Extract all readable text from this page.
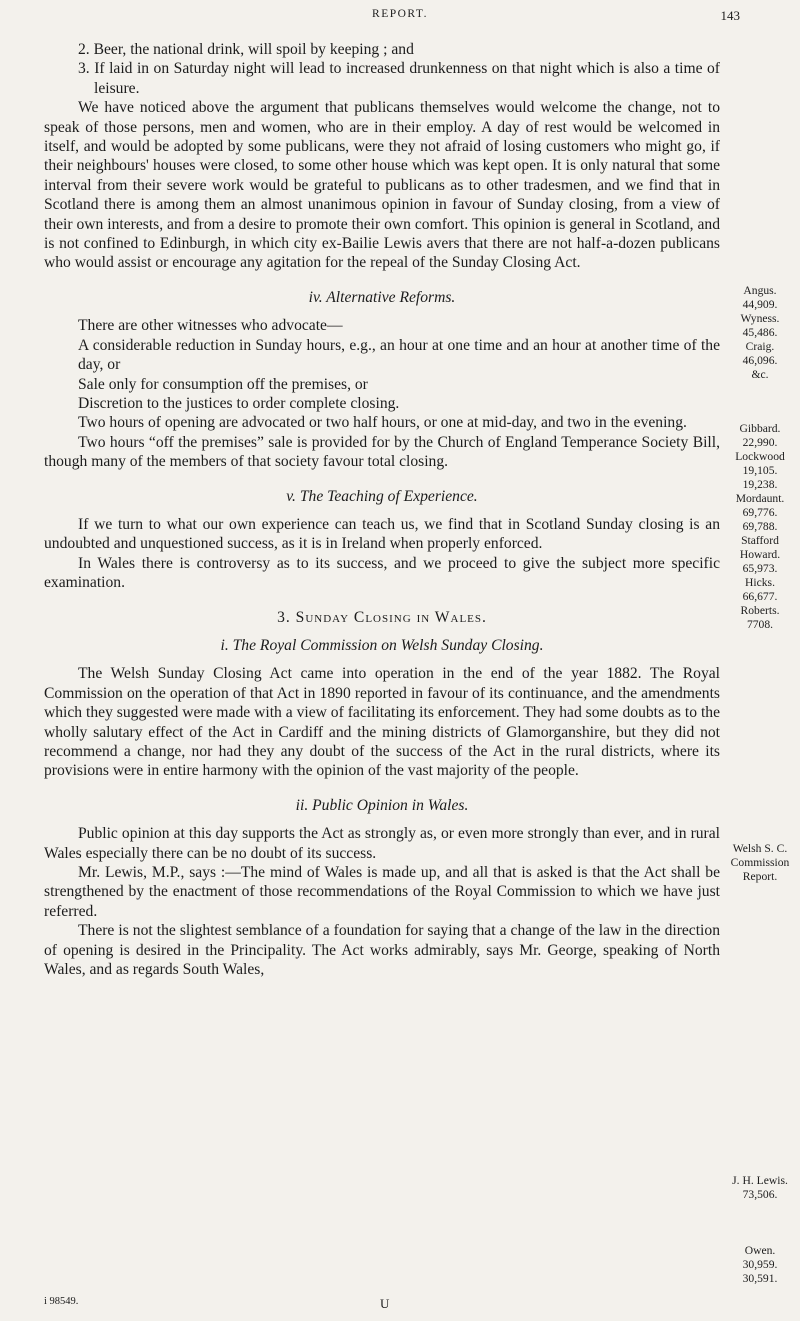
REPORT.	143

2. Beer, the national drink, will spoil by keeping ; and

3. If laid in on Saturday night will lead to increased drunkenness on that night which is also a time of leisure.

We have noticed above the argument that publicans themselves would welcome the change, not to speak of those persons, men and women, who are in their employ. A day of rest would be welcomed in itself, and would be adopted by some publicans, were they not afraid of losing customers who might go, if their neighbours' houses were closed, to some other house which was kept open. It is only natural that some interval from their severe work would be grateful to publicans as to other tradesmen, and we find that in Scotland there is among them an almost unanimous opinion in favour of Sunday closing, from a view of their own interests, and from a desire to promote their own comfort. This opinion is general in Scotland, and is not confined to Edinburgh, in which city ex-Bailie Lewis avers that there are not half-a-dozen publicans who would assist or encourage any agitation for the repeal of the Sunday Closing Act.

iv. Alternative Reforms.

There are other witnesses who advocate—

A considerable reduction in Sunday hours, e.g., an hour at one time and an hour at another time of the day, or

Sale only for consumption off the premises, or

Discretion to the justices to order complete closing.

Two hours of opening are advocated or two half hours, or one at mid-day, and two in the evening.

Two hours “off the premises” sale is provided for by the Church of England Temperance Society Bill, though many of the members of that society favour total closing.

v. The Teaching of Experience.

If we turn to what our own experience can teach us, we find that in Scotland Sunday closing is an undoubted and unquestioned success, as it is in Ireland when properly enforced.

In Wales there is controversy as to its success, and we proceed to give the subject more specific examination.

3. Sunday Closing in Wales.

i. The Royal Commission on Welsh Sunday Closing.

The Welsh Sunday Closing Act came into operation in the end of the year 1882. The Royal Commission on the operation of that Act in 1890 reported in favour of its continuance, and the amendments which they suggested were made with a view of facilitating its enforcement. They had some doubts as to the wholly salutary effect of the Act in Cardiff and the mining districts of Glamorganshire, but they did not recommend a change, nor had they any doubt of the success of the Act in the rural districts, where its provisions were in entire harmony with the opinion of the vast majority of the people.

ii. Public Opinion in Wales.

Public opinion at this day supports the Act as strongly as, or even more strongly than ever, and in rural Wales especially there can be no doubt of its success.

Mr. Lewis, M.P., says :—The mind of Wales is made up, and all that is asked is that the Act shall be strengthened by the enactment of those recommendations of the Royal Commission to which we have just referred.

There is not the slightest semblance of a foundation for saying that a change of the law in the direction of opening is desired in the Principality. The Act works admirably, says Mr. George, speaking of North Wales, and as regards South Wales,

Angus.
44,909.
Wyness.
45,486.
Craig.
46,096.
&c.
Gibbard.
22,990.
Lockwood
19,105.
19,238.
Mordaunt.
69,776.
69,788.
Stafford
Howard.
65,973.
Hicks.
66,677.
Roberts.
7708.
Welsh S. C.
Commission
Report.
J. H. Lewis.
73,506.
Owen.
30,959.
30,591.
i 98549.	U
